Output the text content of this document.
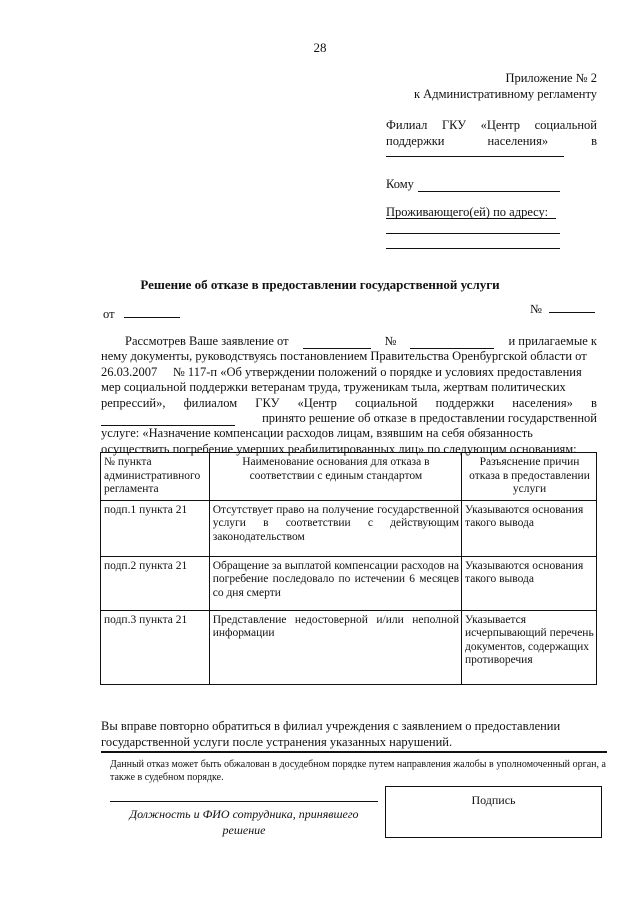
28
Приложение № 2
к Административному регламенту
Филиал ГКУ «Центр социальной
поддержки	населения»	в
Кому
Проживающего(ей) по адресу:
Решение об отказе в предоставлении государственной услуги
от	№
Рассмотрев Ваше заявление от	№	и прилагаемые к
нему документы, руководствуясь постановлением Правительства Оренбургской области от
26.03.2007     № 117-п «Об утверждении положений о порядке и условиях предоставления
мер социальной поддержки ветеранам труда, труженикам тыла, жертвам политических
репрессий», филиалом ГКУ «Центр социальной поддержки населения» в
принято решение об отказе в предоставлении государственной
услуге: «Назначение компенсации расходов лицам, взявшим на себя обязанность
осуществить погребение умерших реабилитированных лиц» по следующим основаниям:
№ пункта административного регламента	Наименование основания для отказа в соответствии с единым стандартом	Разъяснение причин отказа в предоставлении услуги
подп.1 пункта 21	Отсутствует право на получение государственной услуги в соответствии с действующим законодательством	Указываются основания такого вывода
подп.2 пункта 21	Обращение за выплатой компенсации расходов на погребение последовало по истечении 6 месяцев со дня смерти	Указываются основания такого вывода
подп.3 пункта 21	Представление недостоверной и/или неполной информации	Указывается исчерпывающий перечень документов, содержащих противоречия
Вы вправе повторно обратиться в филиал учреждения с заявлением о предоставлении государственной услуги после устранения указанных нарушений.
Данный отказ может быть обжалован в досудебном порядке путем направления жалобы в уполномоченный орган, а также в судебном порядке.
Должность и ФИО сотрудника, принявшего решение
Подпись
